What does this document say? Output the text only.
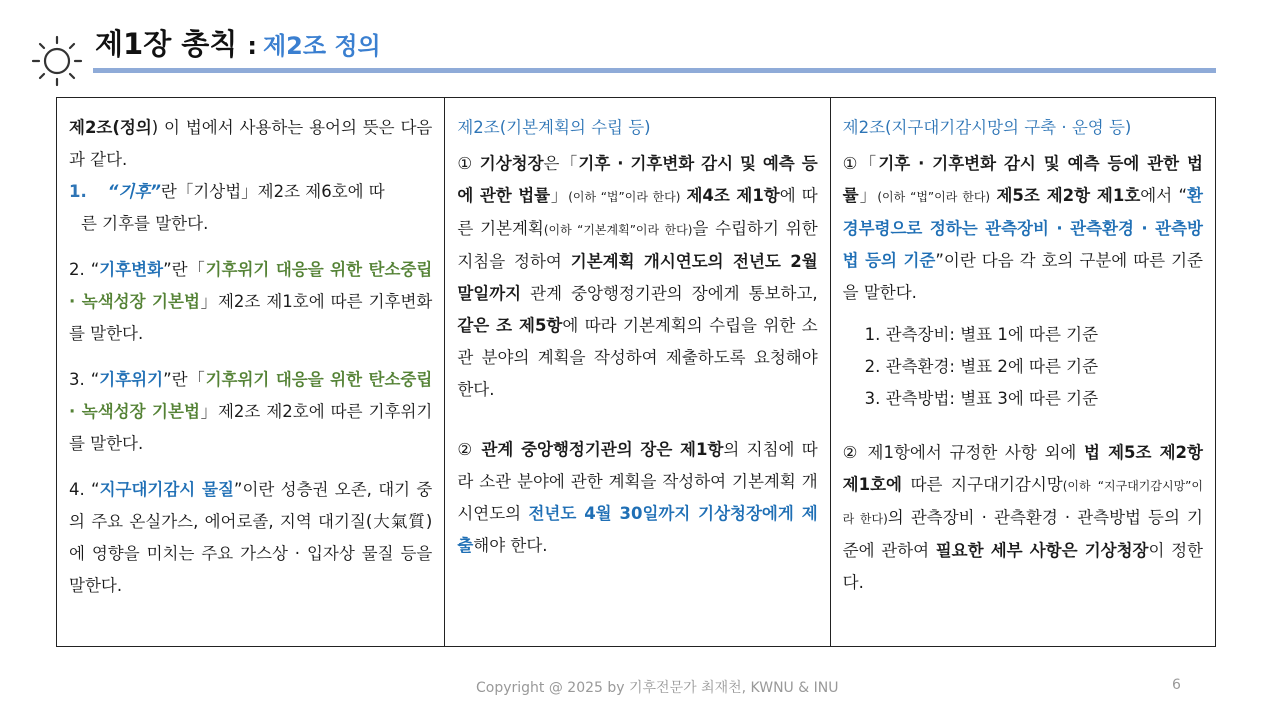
제1장 총칙 : 제2조 정의

제2조(정의) 이 법에서 사용하는 용어의 뜻은 다음과 같다.

1. “기후”란「기상법」제2조 제6호에 따
른 기후를 말한다.

2. “기후변화”란「기후위기 대응을 위한 탄소중립 · 녹색성장 기본법」제2조 제1호에 따른 기후변화를 말한다.

3. “기후위기”란「기후위기 대응을 위한 탄소중립 · 녹색성장 기본법」제2조 제2호에 따른 기후위기를 말한다.

4. “지구대기감시 물질”이란 성층권 오존, 대기 중의 주요 온실가스, 에어로졸, 지역 대기질(大氣質)에 영향을 미치는 주요 가스상 · 입자상 물질 등을 말한다.

제2조(기본계획의 수립 등)

① 기상청장은「기후 · 기후변화 감시 및 예측 등에 관한 법률」(이하 “법”이라 한다) 제4조 제1항에 따른 기본계획(이하 “기본계획”이라 한다)을 수립하기 위한 지침을 정하여 기본계획 개시연도의 전년도 2월 말일까지 관계 중앙행정기관의 장에게 통보하고, 같은 조 제5항에 따라 기본계획의 수립을 위한 소관 분야의 계획을 작성하여 제출하도록 요청해야 한다.

② 관계 중앙행정기관의 장은 제1항의 지침에 따라 소관 분야에 관한 계획을 작성하여 기본계획 개시연도의 전년도 4월 30일까지 기상청장에게 제출해야 한다.

제2조(지구대기감시망의 구축 · 운영 등)

①「기후 · 기후변화 감시 및 예측 등에 관한 법률」(이하 “법”이라 한다) 제5조 제2항 제1호에서 “환경부령으로 정하는 관측장비 · 관측환경 · 관측방법 등의 기준”이란 다음 각 호의 구분에 따른 기준을 말한다.

1. 관측장비: 별표 1에 따른 기준

2. 관측환경: 별표 2에 따른 기준

3. 관측방법: 별표 3에 따른 기준

② 제1항에서 규정한 사항 외에 법 제5조 제2항 제1호에 따른 지구대기감시망(이하 “지구대기감시망”이라 한다)의 관측장비 · 관측환경 · 관측방법 등의 기준에 관하여 필요한 세부 사항은 기상청장이 정한다.

Copyright @ 2025 by 기후전문가 최재천, KWNU & INU	6
